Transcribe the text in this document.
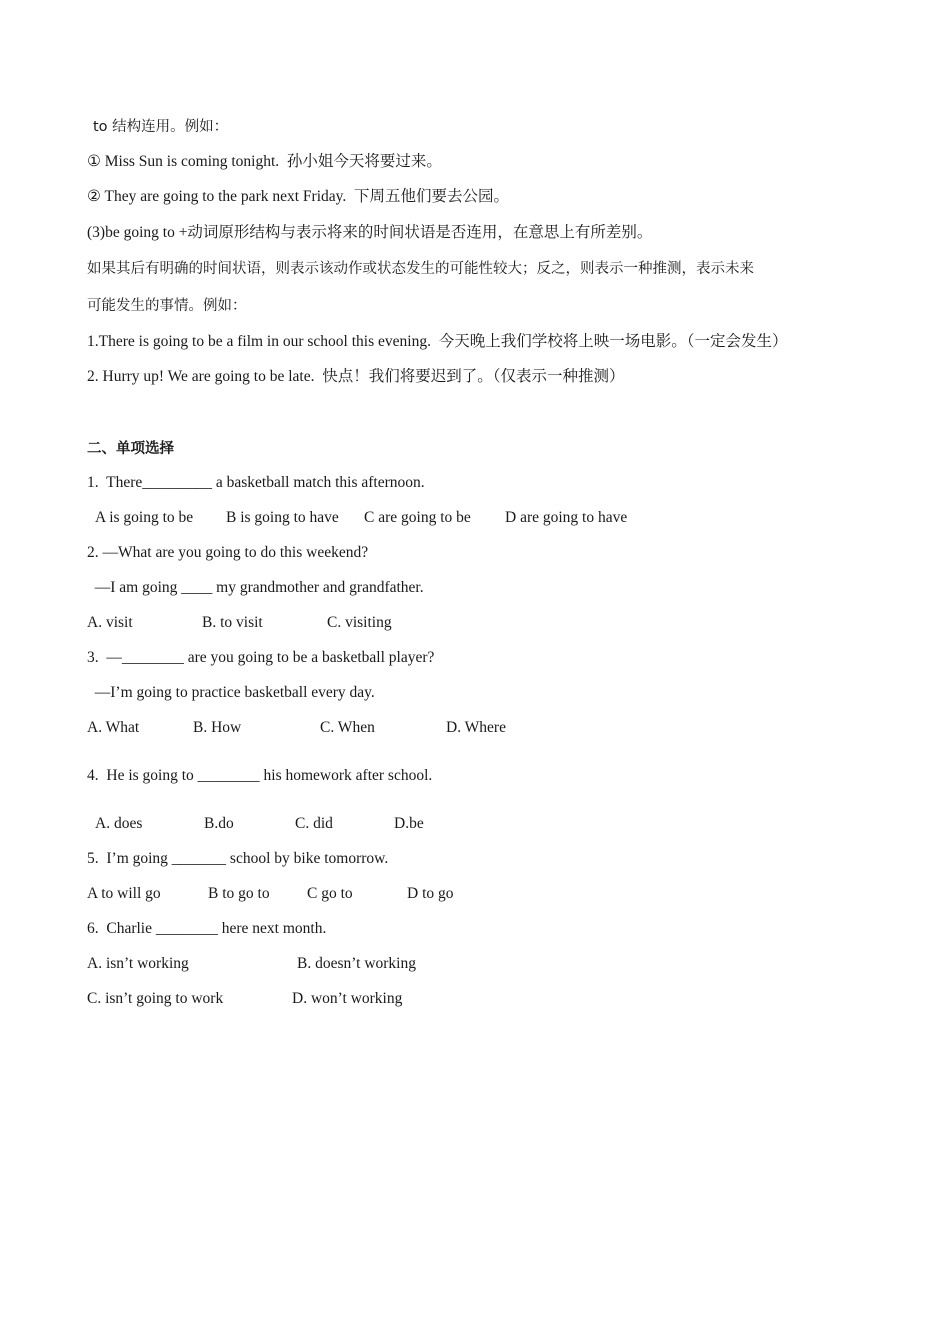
to 结构连用。例如：
① Miss Sun is coming tonight.  孙小姐今天将要过来。
② They are going to the park next Friday.  下周五他们要去公园。
(3)be going to +动词原形结构与表示将来的时间状语是否连用，在意思上有所差别。
如果其后有明确的时间状语，则表示该动作或状态发生的可能性较大；反之，则表示一种推测，表示未来
可能发生的事情。例如：
1.There is going to be a film in our school this evening.  今天晚上我们学校将上映一场电影。（一定会发生）
2. Hurry up! We are going to be late.  快点！我们将要迟到了。（仅表示一种推测）
二、单项选择
1.  There_________ a basketball match this afternoon.
A is going to be B is going to have C are going to be D are going to have
2. —What are you going to do this weekend?
—I am going ____ my grandmother and grandfather.
A. visit	B. to visit	C. visiting
3.  —________ are you going to be a basketball player?
—I’m going to practice basketball every day.
A. What	B. How	C. When	D. Where
4.  He is going to ________ his homework after school.
A. does	B.do	C. did	D.be
5.  I’m going _______ school by bike tomorrow.
A to will go	B to go to C go to	D to go
6.  Charlie ________ here next month.
A. isn’t working	B. doesn’t working
C. isn’t going to work	D. won’t working
